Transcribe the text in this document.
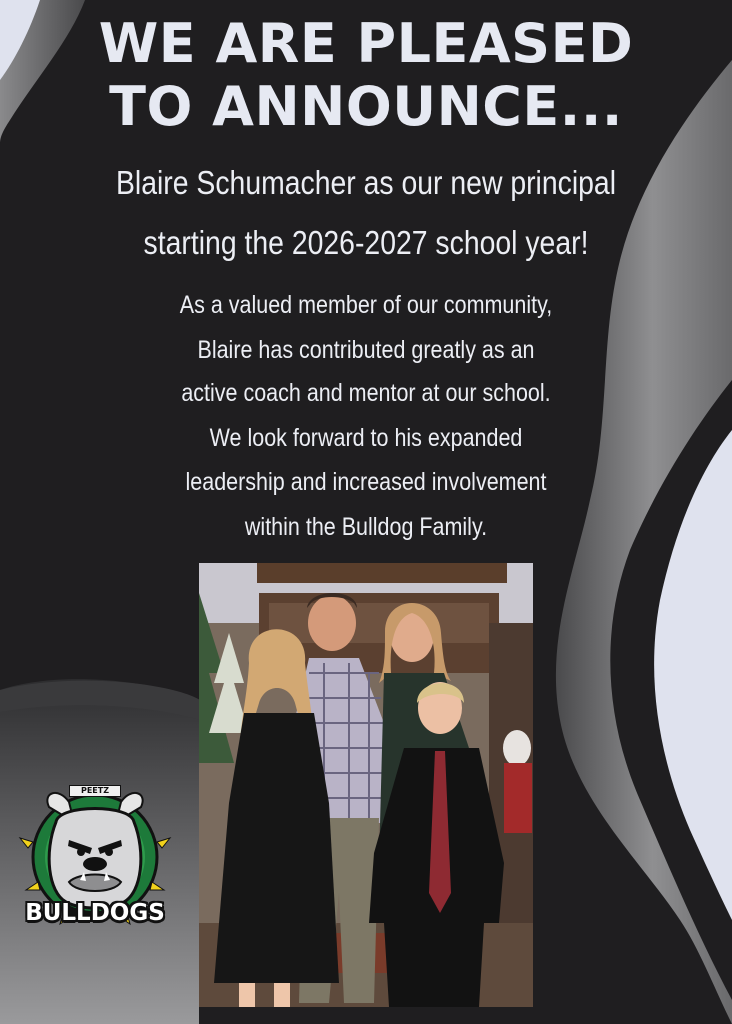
WE ARE PLEASED
TO ANNOUNCE...

Blaire Schumacher as our new principal

starting the 2026-2027 school year!

As a valued member of our community,

Blaire has contributed greatly as an

active coach and mentor at our school.

We look forward to his expanded

leadership and increased involvement

within the Bulldog Family.

PEETZ
BULLDOGS
